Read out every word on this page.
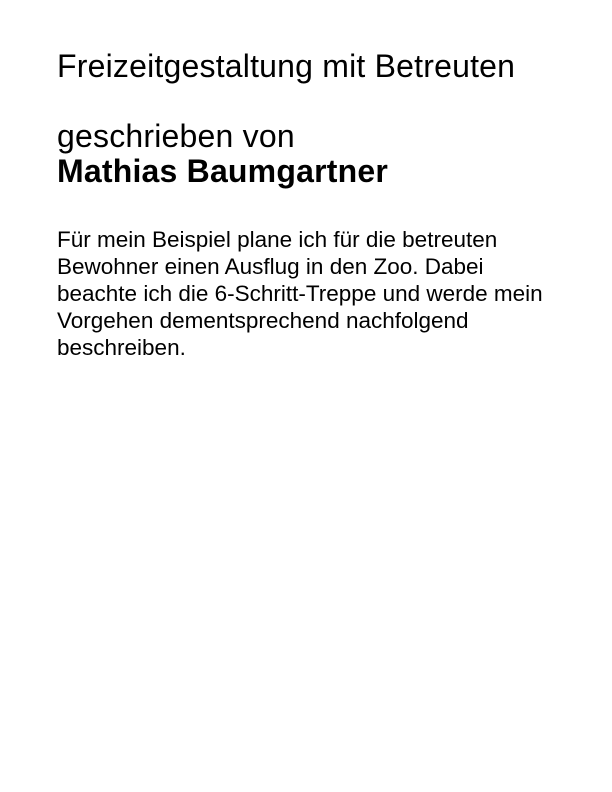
Freizeitgestaltung mit Betreuten
geschrieben von
Mathias Baumgartner
Für mein Beispiel plane ich für die betreuten
Bewohner einen Ausflug in den Zoo. Dabei
beachte ich die 6-Schritt-Treppe und werde mein
Vorgehen dementsprechend nachfolgend
beschreiben.
